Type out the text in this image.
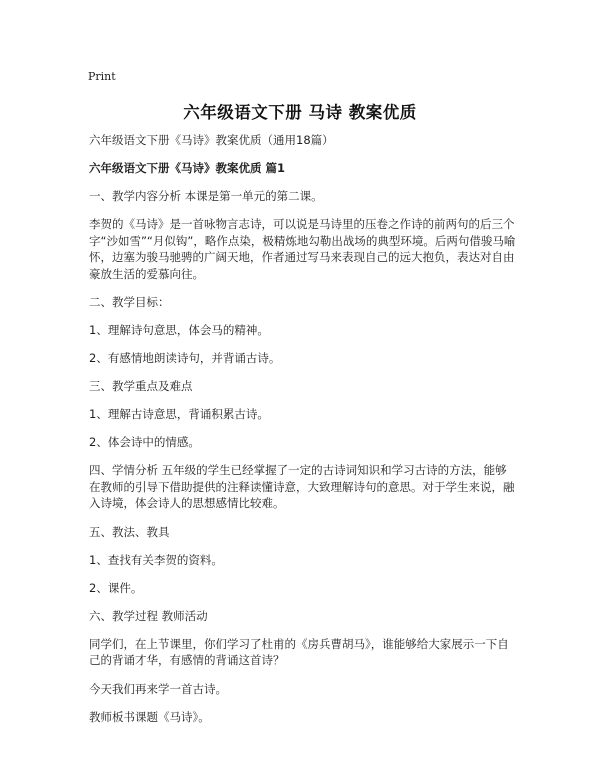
Print
六年级语文下册 马诗 教案优质

六年级语文下册《马诗》教案优质（通用18篇）

六年级语文下册《马诗》教案优质 篇1

一、教学内容分析 本课是第一单元的第二课。

李贺的《马诗》是一首咏物言志诗，可以说是马诗里的压卷之作诗的前两句的后三个字“沙如雪”“月似钩”，略作点染，极精炼地勾勒出战场的典型环境。后两句借骏马喻怀，边塞为骏马驰骋的广阔天地，作者通过写马来表现自己的远大抱负，表达对自由豪放生活的爱慕向往。

二、教学目标：

1、理解诗句意思，体会马的精神。

2、有感情地朗读诗句，并背诵古诗。

三、教学重点及难点

1、理解古诗意思，背诵积累古诗。

2、体会诗中的情感。

四、学情分析 五年级的学生已经掌握了一定的古诗词知识和学习古诗的方法，能够在教师的引导下借助提供的注释读懂诗意，大致理解诗句的意思。对于学生来说，融入诗境，体会诗人的思想感情比较难。

五、教法、教具

1、查找有关李贺的资料。

2、课件。

六、教学过程 教师活动

同学们，在上节课里，你们学习了杜甫的《房兵曹胡马》，谁能够给大家展示一下自己的背诵才华，有感情的背诵这首诗？

今天我们再来学一首古诗。

教师板书课题《马诗》。
